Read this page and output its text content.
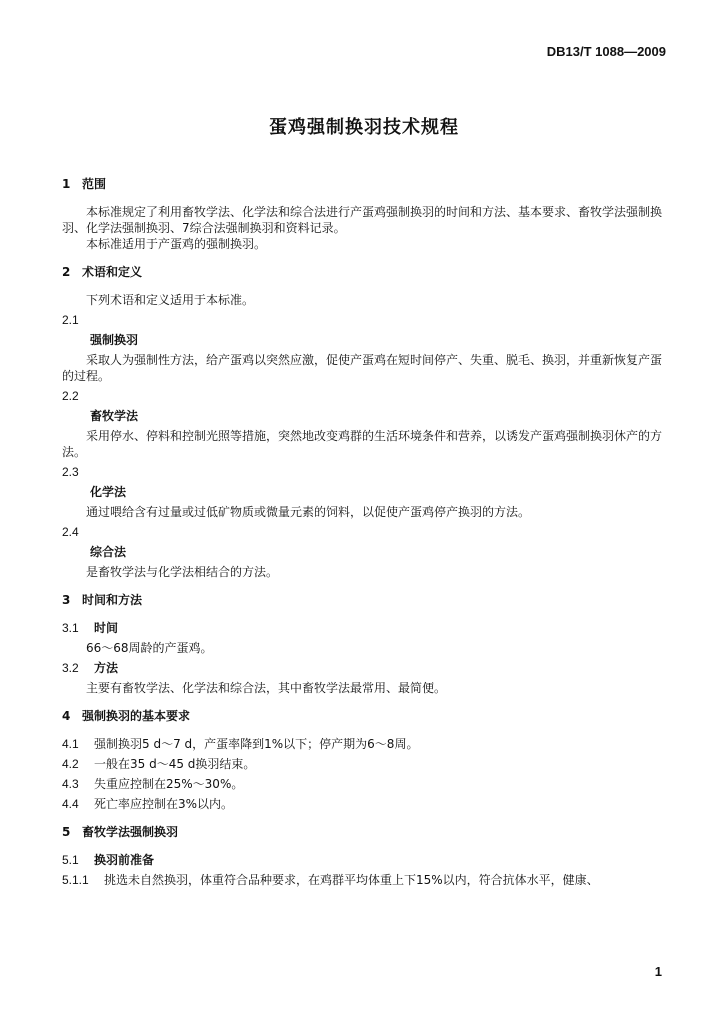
DB13/T 1088—2009
蛋鸡强制换羽技术规程

1 范围

本标准规定了利用畜牧学法、化学法和综合法进行产蛋鸡强制换羽的时间和方法、基本要求、畜牧学法强制换羽、化学法强制换羽、7综合法强制换羽和资料记录。

本标准适用于产蛋鸡的强制换羽。

2 术语和定义

下列术语和定义适用于本标准。

2.1

强制换羽

采取人为强制性方法，给产蛋鸡以突然应激，促使产蛋鸡在短时间停产、失重、脱毛、换羽，并重新恢复产蛋的过程。

2.2

畜牧学法

采用停水、停料和控制光照等措施，突然地改变鸡群的生活环境条件和营养，以诱发产蛋鸡强制换羽休产的方法。

2.3

化学法

通过喂给含有过量或过低矿物质或微量元素的饲料，以促使产蛋鸡停产换羽的方法。

2.4

综合法

是畜牧学法与化学法相结合的方法。

3 时间和方法

3.1 时间

66～68周龄的产蛋鸡。

3.2 方法

主要有畜牧学法、化学法和综合法，其中畜牧学法最常用、最简便。

4 强制换羽的基本要求

4.1 强制换羽5 d～7 d，产蛋率降到1%以下；停产期为6～8周。

4.2 一般在35 d～45 d换羽结束。

4.3 失重应控制在25%～30%。

4.4 死亡率应控制在3%以内。

5 畜牧学法强制换羽

5.1 换羽前准备

5.1.1 挑选未自然换羽，体重符合品种要求，在鸡群平均体重上下15%以内，符合抗体水平，健康、

1
